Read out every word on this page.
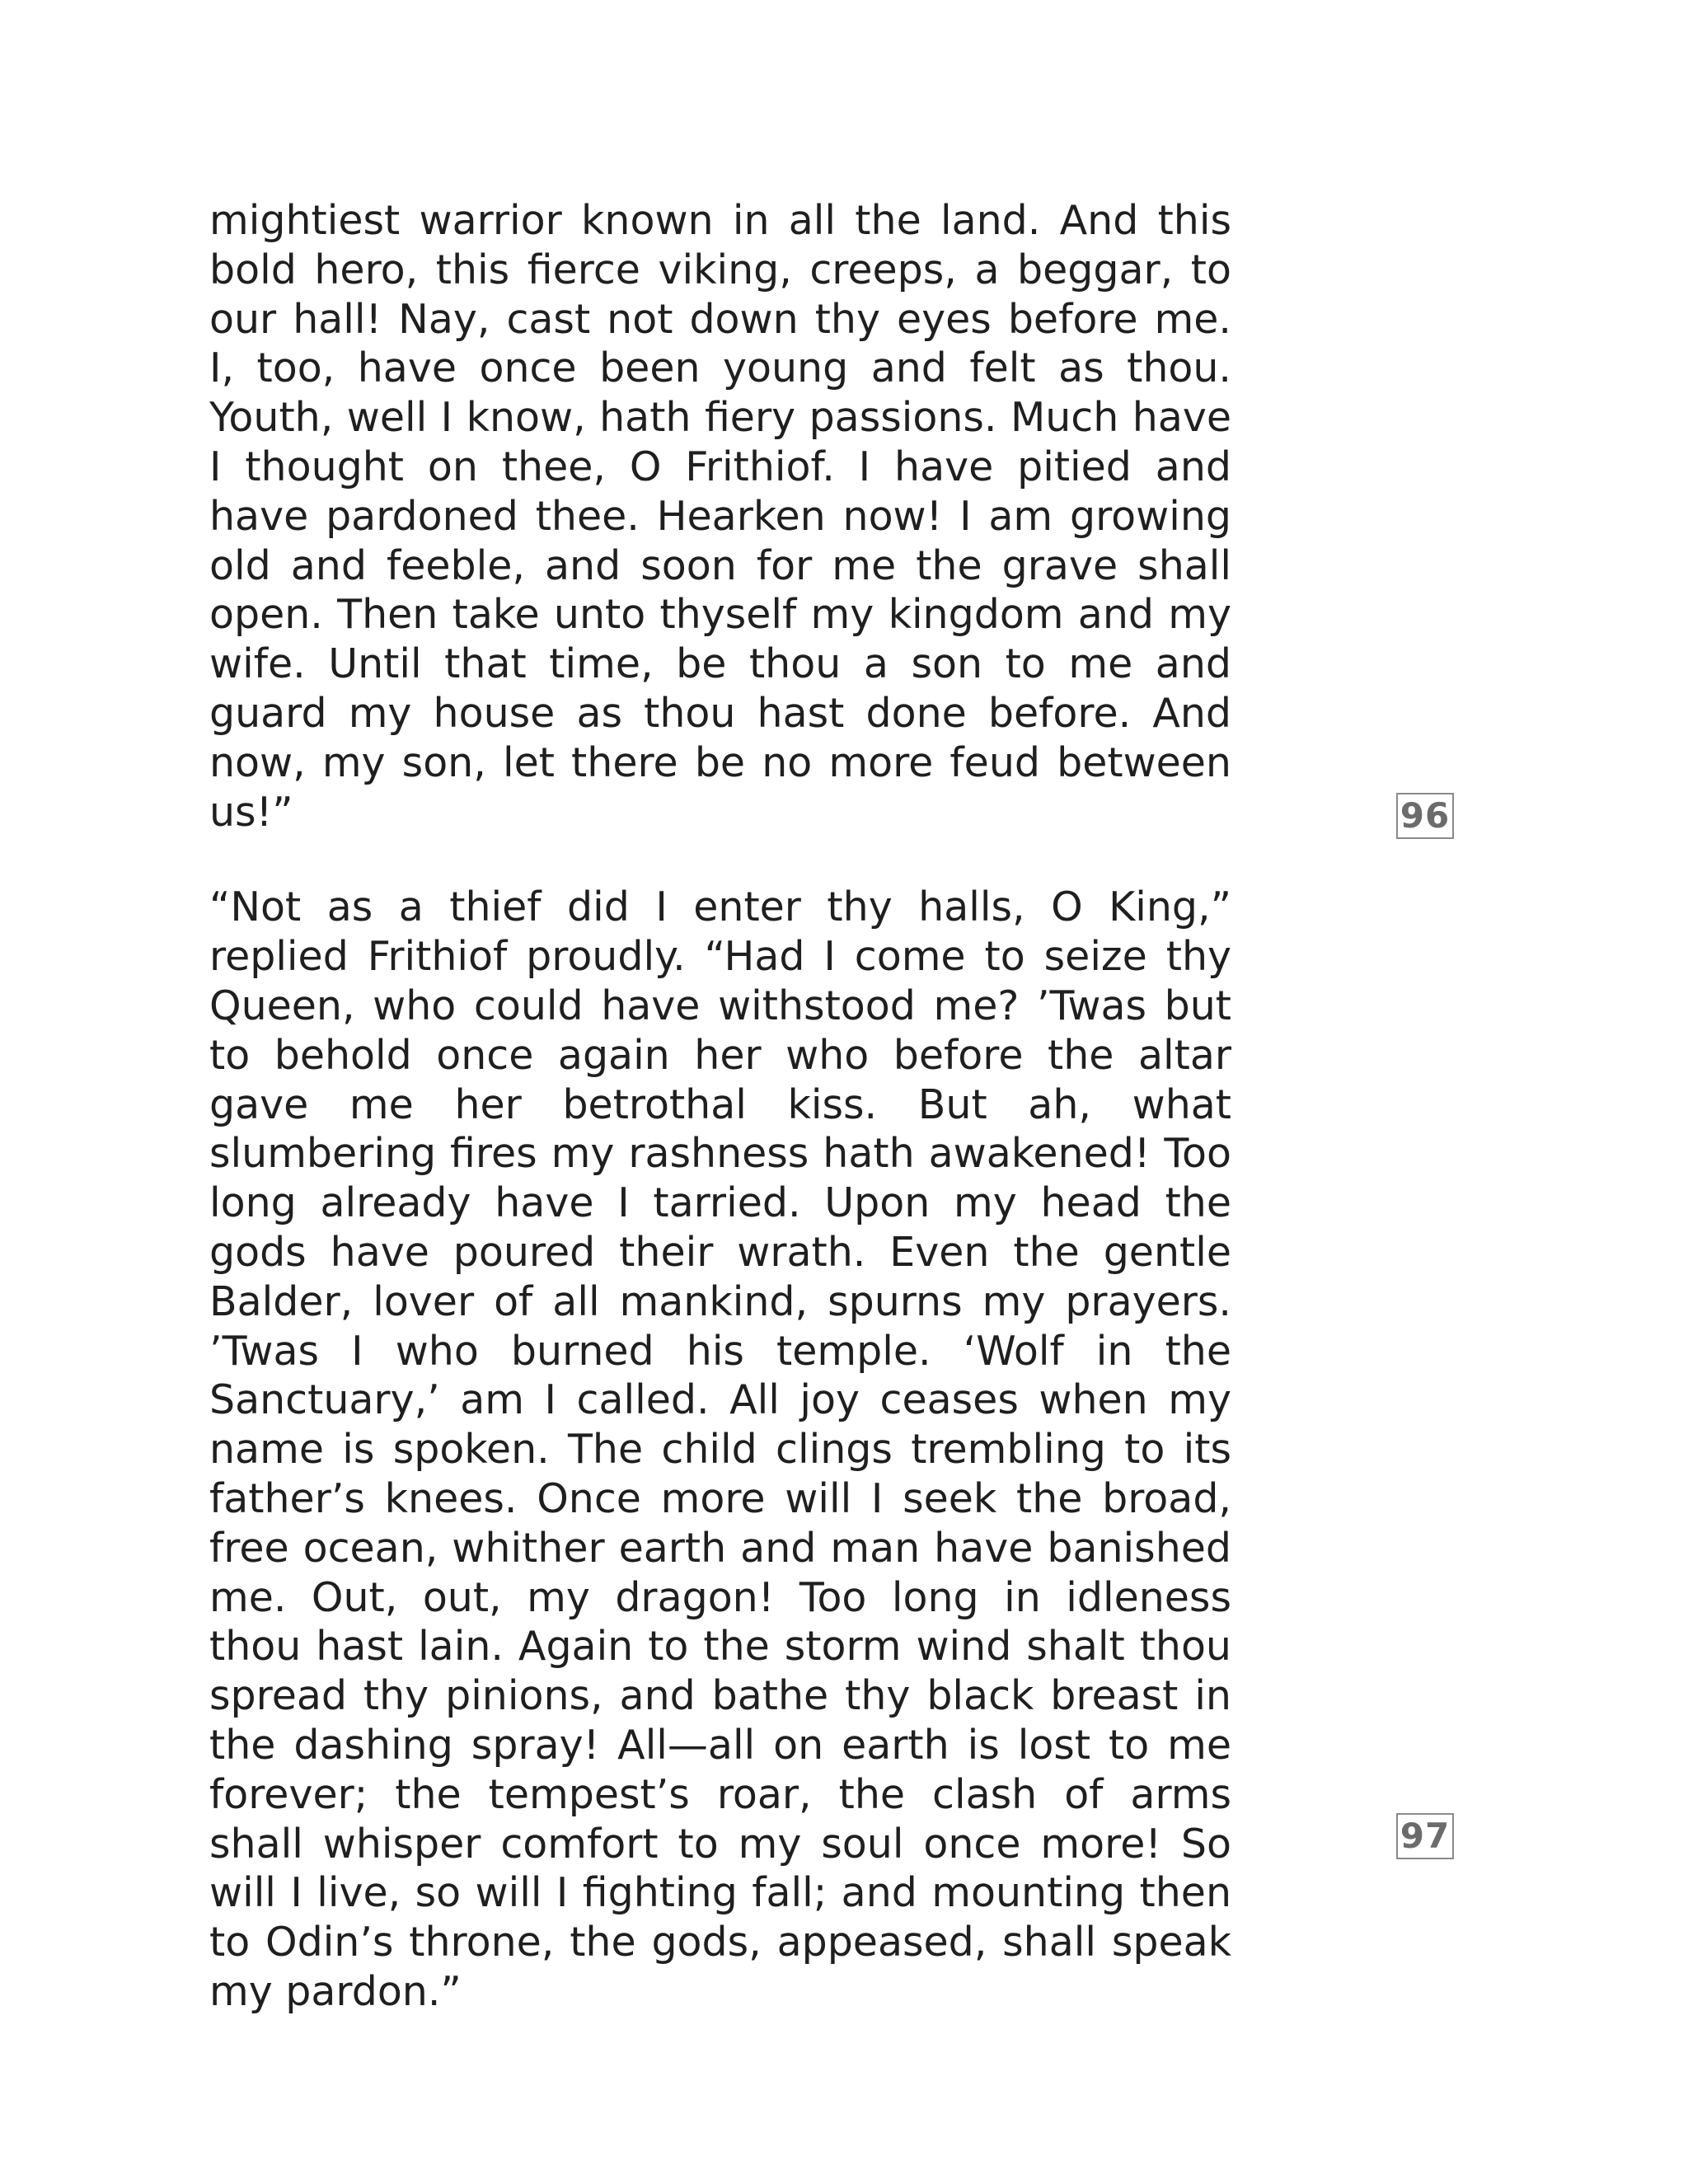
mightiest warrior known in all the land. And this bold hero, this fierce viking, creeps, a beggar, to our hall! Nay, cast not down thy eyes before me. I, too, have once been young and felt as thou. Youth, well I know, hath fiery passions. Much have I thought on thee, O Frithiof. I have pitied and have pardoned thee. Hearken now! I am growing old and feeble, and soon for me the grave shall open. Then take unto thyself my kingdom and my wife. Until that time, be thou a son to me and guard my house as thou hast done before. And now, my son, let there be no more feud between us!”

“Not as a thief did I enter thy halls, O King,” replied Frithiof proudly. “Had I come to seize thy Queen, who could have withstood me? ’Twas but to behold once again her who before the altar gave me her betrothal kiss. But ah, what slumbering fires my rashness hath awakened! Too long already have I tarried. Upon my head the gods have poured their wrath. Even the gentle Balder, lover of all mankind, spurns my prayers. ’Twas I who burned his temple. ‘Wolf in the Sanctuary,’ am I called. All joy ceases when my name is spoken. The child clings trembling to its father’s knees. Once more will I seek the broad, free ocean, whither earth and man have banished me. Out, out, my dragon! Too long in idleness thou hast lain. Again to the storm wind shalt thou spread thy pinions, and bathe thy black breast in the dashing spray! All—all on earth is lost to me forever; the tempest’s roar, the clash of arms shall whisper comfort to my soul once more! So will I live, so will I fighting fall; and mounting then to Odin’s throne, the gods, appeased, shall speak my pardon.”

96
97
